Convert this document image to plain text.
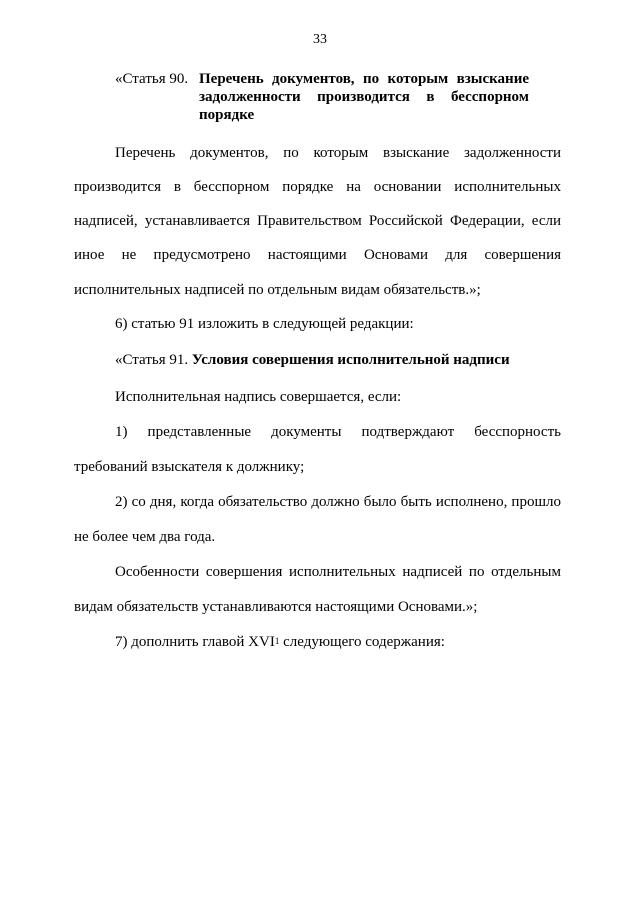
33
«Статья 90. Перечень документов, по которым взыскание
задолженности производится в бесспорном
порядке
Перечень документов, по которым взыскание задолженности
производится в бесспорном порядке на основании исполнительных
надписей, устанавливается Правительством Российской Федерации, если
иное не предусмотрено настоящими Основами для совершения
исполнительных надписей по отдельным видам обязательств.»;
6) статью 91 изложить в следующей редакции:
«Статья 91. Условия совершения исполнительной надписи
Исполнительная надпись совершается, если:
1) представленные документы подтверждают бесспорность
требований взыскателя к должнику;
2) со дня, когда обязательство должно было быть исполнено, прошло
не более чем два года.
Особенности совершения исполнительных надписей по отдельным
видам обязательств устанавливаются настоящими Основами.»;
7) дополнить главой XVI$^1$ следующего содержания:
